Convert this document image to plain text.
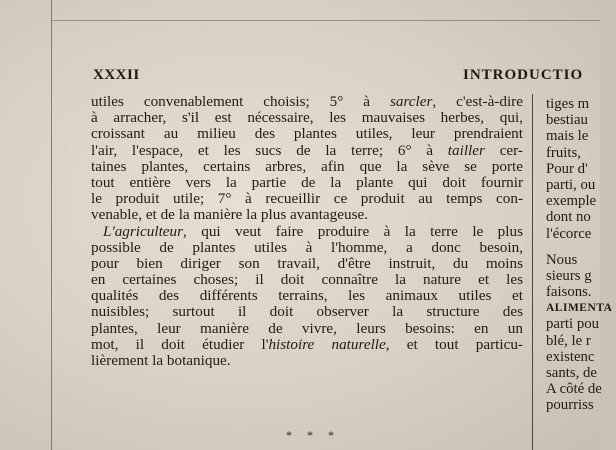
XXXII	INTRODUCTIO
utiles convenablement choisis; 5° à sarcler, c'est-à-dire
à arracher, s'il est nécessaire, les mauvaises herbes, qui,
croissant au milieu des plantes utiles, leur prendraient
l'air, l'espace, et les sucs de la terre; 6° à tailler cer-
taines plantes, certains arbres, afin que la sève se porte
tout entière vers la partie de la plante qui doit fournir
le produit utile; 7° à recueillir ce produit au temps con-
venable, et de la manière la plus avantageuse.
L'agriculteur, qui veut faire produire à la terre le plus
possible de plantes utiles à l'homme, a donc besoin,
pour bien diriger son travail, d'être instruit, du moins
en certaines choses; il doit connaître la nature et les
qualités des différents terrains, les animaux utiles et
nuisibles; surtout il doit observer la structure des
plantes, leur manière de vivre, leurs besoins: en un
mot, il doit étudier l'histoire naturelle, et tout particu-
lièrement la botanique.
tiges m
bestiau
mais le
fruits,
Pour d'
parti, ou
exemple
dont no
l'écorce
Nous
sieurs g
faisons.
ALIMENTA
parti pou
blé, le r
existenc
sants, de
A côté de
pourriss
* * *
